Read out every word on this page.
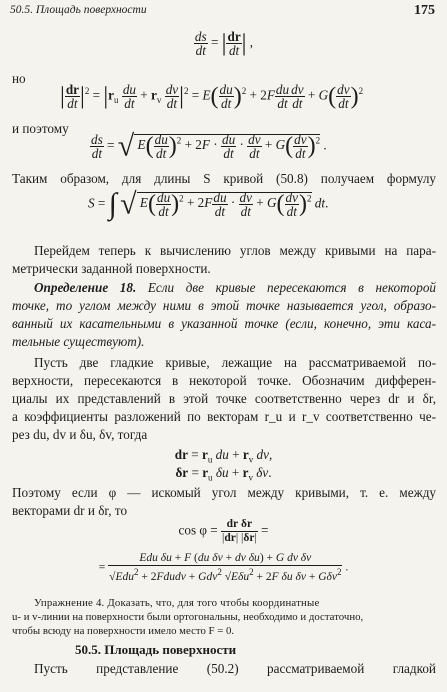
50.5. Площадь поверхности	175
$\frac{ds}{dt}$ = | $\frac{dr}{dt}$ | ,
но
| $\frac{dr}{dt} |^2 = |r_u \frac{du}{dt} + r_v \frac{dv}{dt} |^2 = E( \frac{du}{dt} )^2 + 2F \frac{du}{dt} \frac{dv}{dt} + G( \frac{dv}{dt} )^2$
и поэтому
$\frac{ds}{dt}$ = √ $E( \frac{du}{dt} )^2 + 2F \cdot \frac{du}{dt} \cdot \frac{dv}{dt} + G( \frac{dv}{dt} )^2$ .
Таким образом, для длины S кривой (50.8) получаем формулу
S = ∫ √ $E( \frac{du}{dt} )^2 + 2F \frac{du}{dt} \cdot \frac{dv}{dt} + G( \frac{dv}{dt} )^2$ dt.
Перейдем теперь к вычислению углов между кривыми на пара-
метрически заданной поверхности.
Определение 18. Если две кривые пересекаются в некоторой
точке, то углом между ними в этой точке называется угол, образо-
ванный их касательными в указанной точке (если, конечно, эти каса-
тельные существуют).
Пусть две гладкие кривые, лежащие на рассматриваемой по-
верхности, пересекаются в некоторой точке. Обозначим дифферен-
циалы их представлений в этой точке соответственно через dr и δr,
а коэффициенты разложений по векторам r_u и r_v соответственно че-
рез du, dv и δu, δv, тогда
dr = $r_u$ du + $r_v$ dv,
$\delta r = r_u$ $\delta u + r_v$ δv.
Поэтому если φ — искомый угол между кривыми, т. е. между
векторами dr и δr, то
$\cos \varphi = \frac{\text{dr δr}}{|dr| |\delta r|}$ =
= $\frac{\text{Edu δu + F (du δv + dv δu) + G dv δv}}{√Edu^2 + 2Fdudv + Gdv^2 √E\delta u^2 + 2F \delta u \delta v + G\delta v^2}$ .
Упражнение 4. Доказать, что, для того чтобы координатные
u- и v-линии на поверхности были ортогональны, необходимо и достаточно,
чтобы всюду на поверхности имело место F = 0.
50.5. Площадь поверхности
Пусть представление (50.2) рассматриваемой гладкой
